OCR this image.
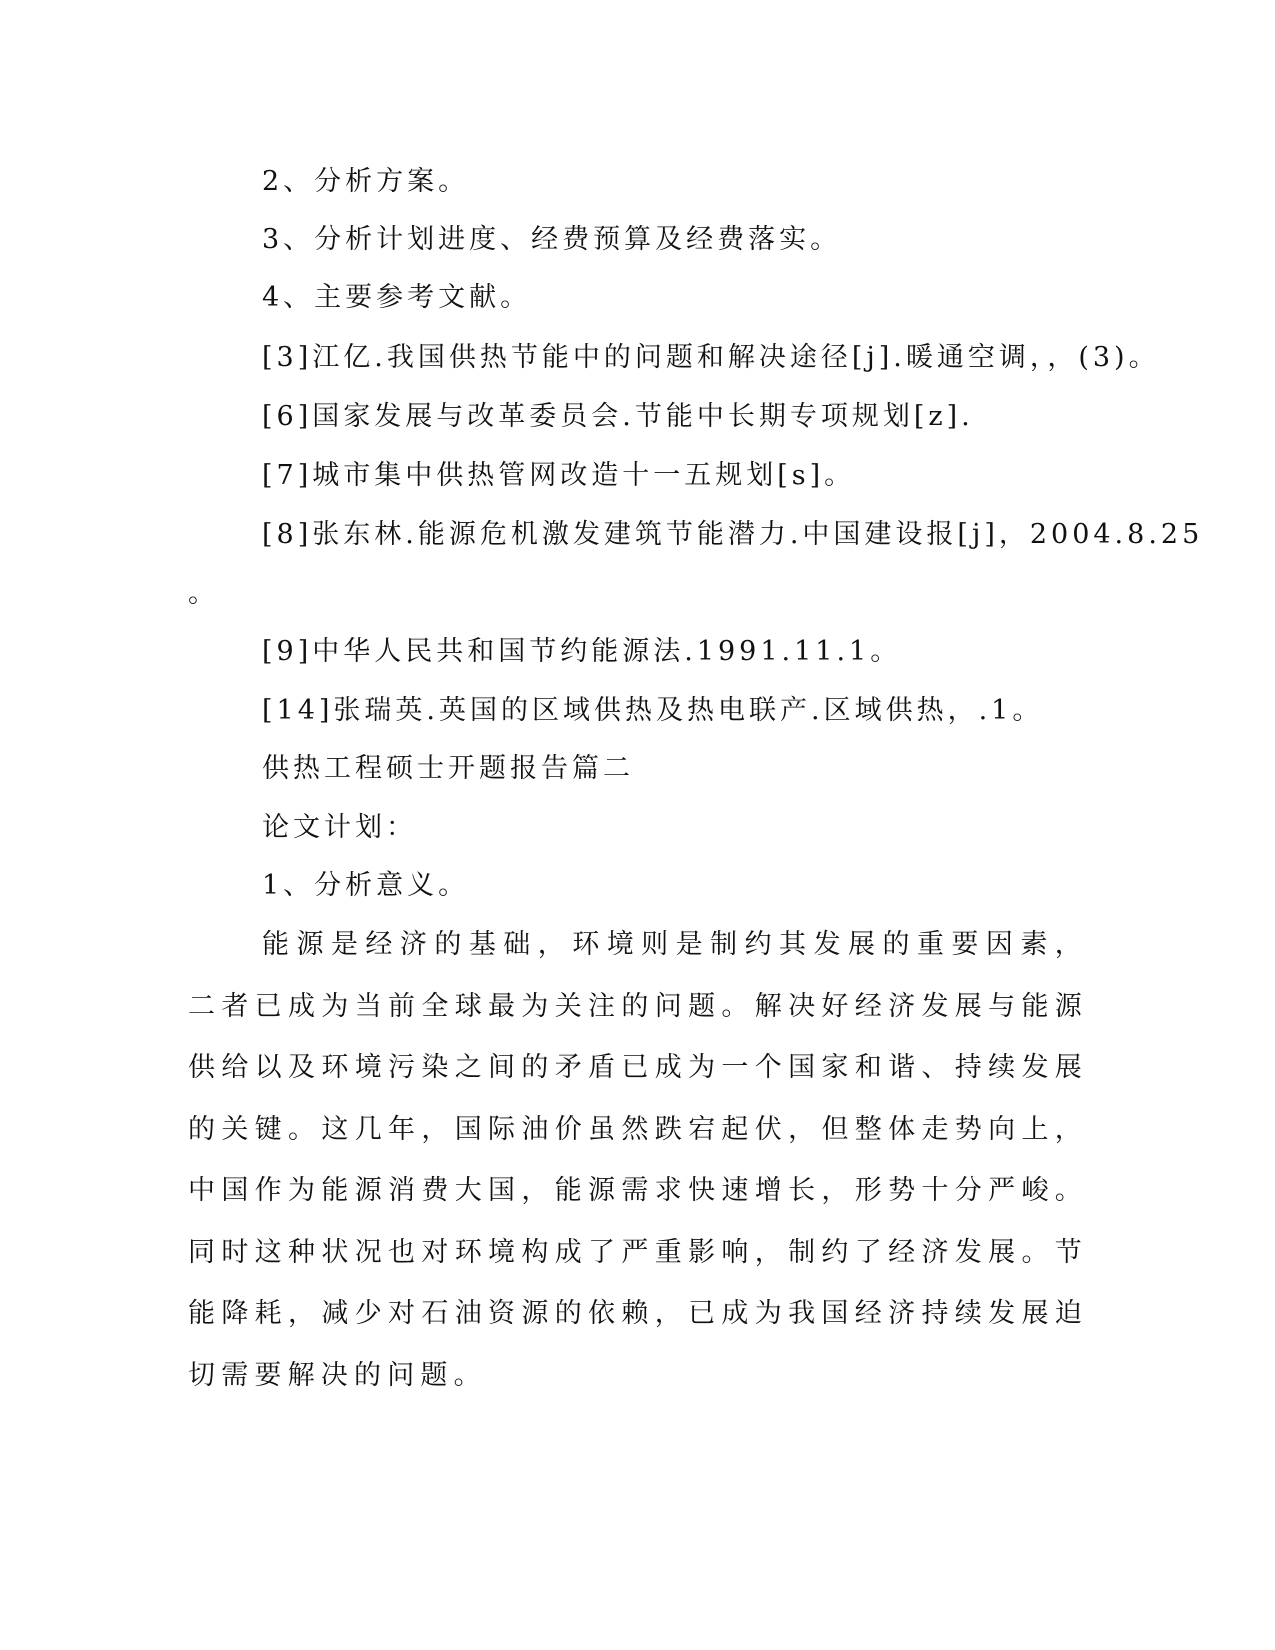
2、分析方案。
3、分析计划进度、经费预算及经费落实。
4、主要参考文献。
[3]江亿.我国供热节能中的问题和解决途径[j].暖通空调，，(3)。
[6]国家发展与改革委员会.节能中长期专项规划[z].
[7]城市集中供热管网改造十一五规划[s]。
[8]张东林.能源危机激发建筑节能潜力.中国建设报[j]，2004.8.25
。
[9]中华人民共和国节约能源法.1991.11.1。
[14]张瑞英.英国的区域供热及热电联产.区域供热，.1。
供热工程硕士开题报告篇二
论文计划：
1、分析意义。

能源是经济的基础，环境则是制约其发展的重要因素，二者已成为当前全球最为关注的问题。解决好经济发展与能源供给以及环境污染之间的矛盾已成为一个国家和谐、持续发展的关键。这几年，国际油价虽然跌宕起伏，但整体走势向上，中国作为能源消费大国，能源需求快速增长，形势十分严峻。同时这种状况也对环境构成了严重影响，制约了经济发展。节能降耗，减少对石油资源的依赖，已成为我国经济持续发展迫切需要解决的问题。
